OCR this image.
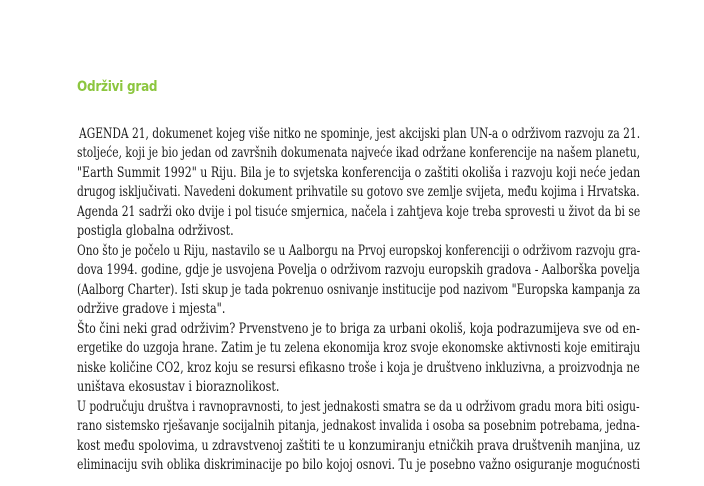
Održivi grad
AGENDA 21, dokumenet kojeg više nitko ne spominje, jest akcijski plan UN-a o održivom razvoju za 21.
stoljeće, koji je bio jedan od završnih dokumenata najveće ikad održane konferencije na našem planetu,
"Earth Summit 1992" u Riju. Bila je to svjetska konferencija o zaštiti okoliša i razvoju koji neće jedan
drugog isključivati. Navedeni dokument prihvatile su gotovo sve zemlje svijeta, među kojima i Hrvatska.
Agenda 21 sadrži oko dvije i pol tisuće smjernica, načela i zahtjeva koje treba sprovesti u život da bi se
postigla globalna održivost.
Ono što je počelo u Riju, nastavilo se u Aalborgu na Prvoj europskoj konferenciji o održivom razvoju gra-
dova 1994. godine, gdje je usvojena Povelja o održivom razvoju europskih gradova - Aalborška povelja
(Aalborg Charter). Isti skup je tada pokrenuo osnivanje institucije pod nazivom "Europska kampanja za
održive gradove i mjesta".
Što čini neki grad održivim? Prvenstveno je to briga za urbani okoliš, koja podrazumijeva sve od en-
ergetike do uzgoja hrane. Zatim je tu zelena ekonomija kroz svoje ekonomske aktivnosti koje emitiraju
niske količine CO2, kroz koju se resursi efikasno troše i koja je društveno inkluzivna, a proizvodnja ne
uništava ekosustav i bioraznolikost.
U područuju društva i ravnopravnosti, to jest jednakosti smatra se da u održivom gradu mora biti osigu-
rano sistemsko rješavanje socijalnih pitanja, jednakost invalida i osoba sa posebnim potrebama, jedna-
kost među spolovima, u zdravstvenoj zaštiti te u konzumiranju etničkih prava društvenih manjina, uz
eliminaciju svih oblika diskriminacije po bilo kojoj osnovi. Tu je posebno važno osiguranje mogućnosti
